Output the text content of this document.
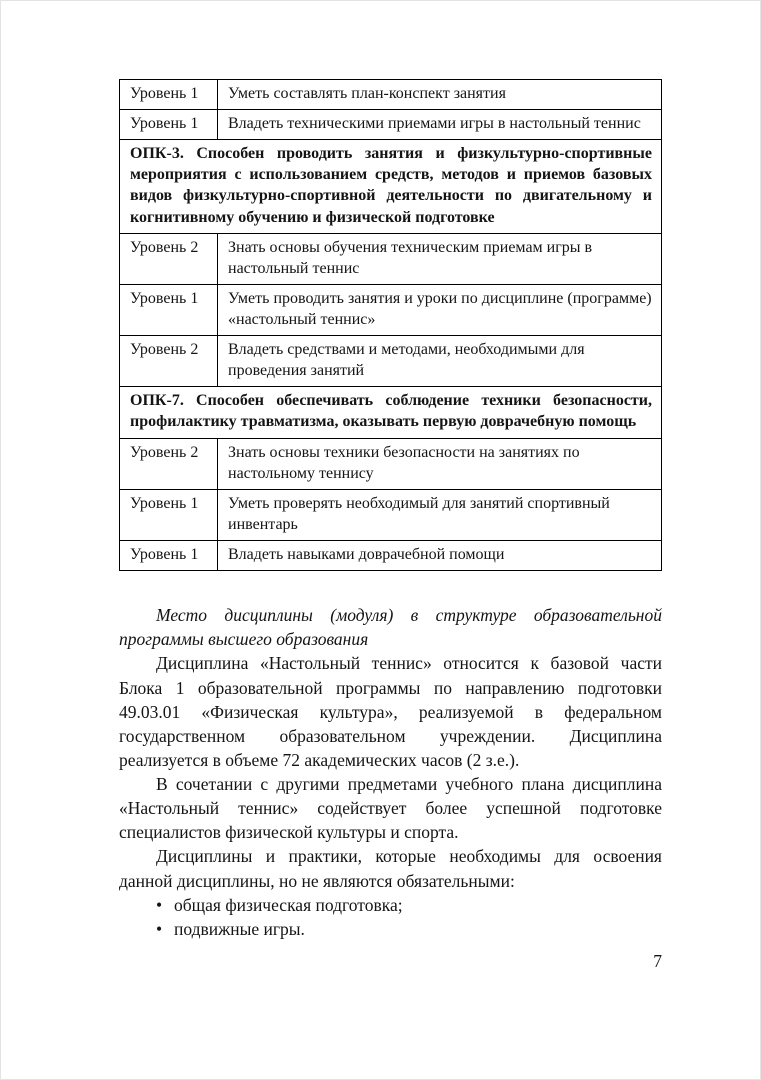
Уровень 1	Уметь составлять план-конспект занятия
Уровень 1	Владеть техническими приемами игры в настольный теннис
ОПК-3. Способен проводить занятия и физкультурно-спортивные мероприятия с использованием средств, методов и приемов базовых видов физкультурно-спортивной деятельности по двигательному и когнитивному обучению и физической подготовке	
Уровень 2	Знать основы обучения техническим приемам игры в настольный теннис
Уровень 1	Уметь проводить занятия и уроки по дисциплине (программе) «настольный теннис»
Уровень 2	Владеть средствами и методами, необходимыми для проведения занятий
ОПК-7. Способен обеспечивать соблюдение техники безопасности, профилактику травматизма, оказывать первую доврачебную помощь	
Уровень 2	Знать основы техники безопасности на занятиях по настольному теннису
Уровень 1	Уметь проверять необходимый для занятий спортивный инвентарь
Уровень 1	Владеть навыками доврачебной помощи

Место дисциплины (модуля) в структуре образовательной программы высшего образования

Дисциплина «Настольный теннис» относится к базовой части Блока 1 образовательной программы по направлению подготовки 49.03.01 «Физическая культура», реализуемой в федеральном государственном образовательном учреждении. Дисциплина реализуется в объеме 72 академических часов (2 з.е.).

В сочетании с другими предметами учебного плана дисциплина «Настольный теннис» содействует более успешной подготовке специалистов физической культуры и спорта.

Дисциплины и практики, которые необходимы для освоения данной дисциплины, но не являются обязательными:

• общая физическая подготовка;
• подвижные игры.
7
